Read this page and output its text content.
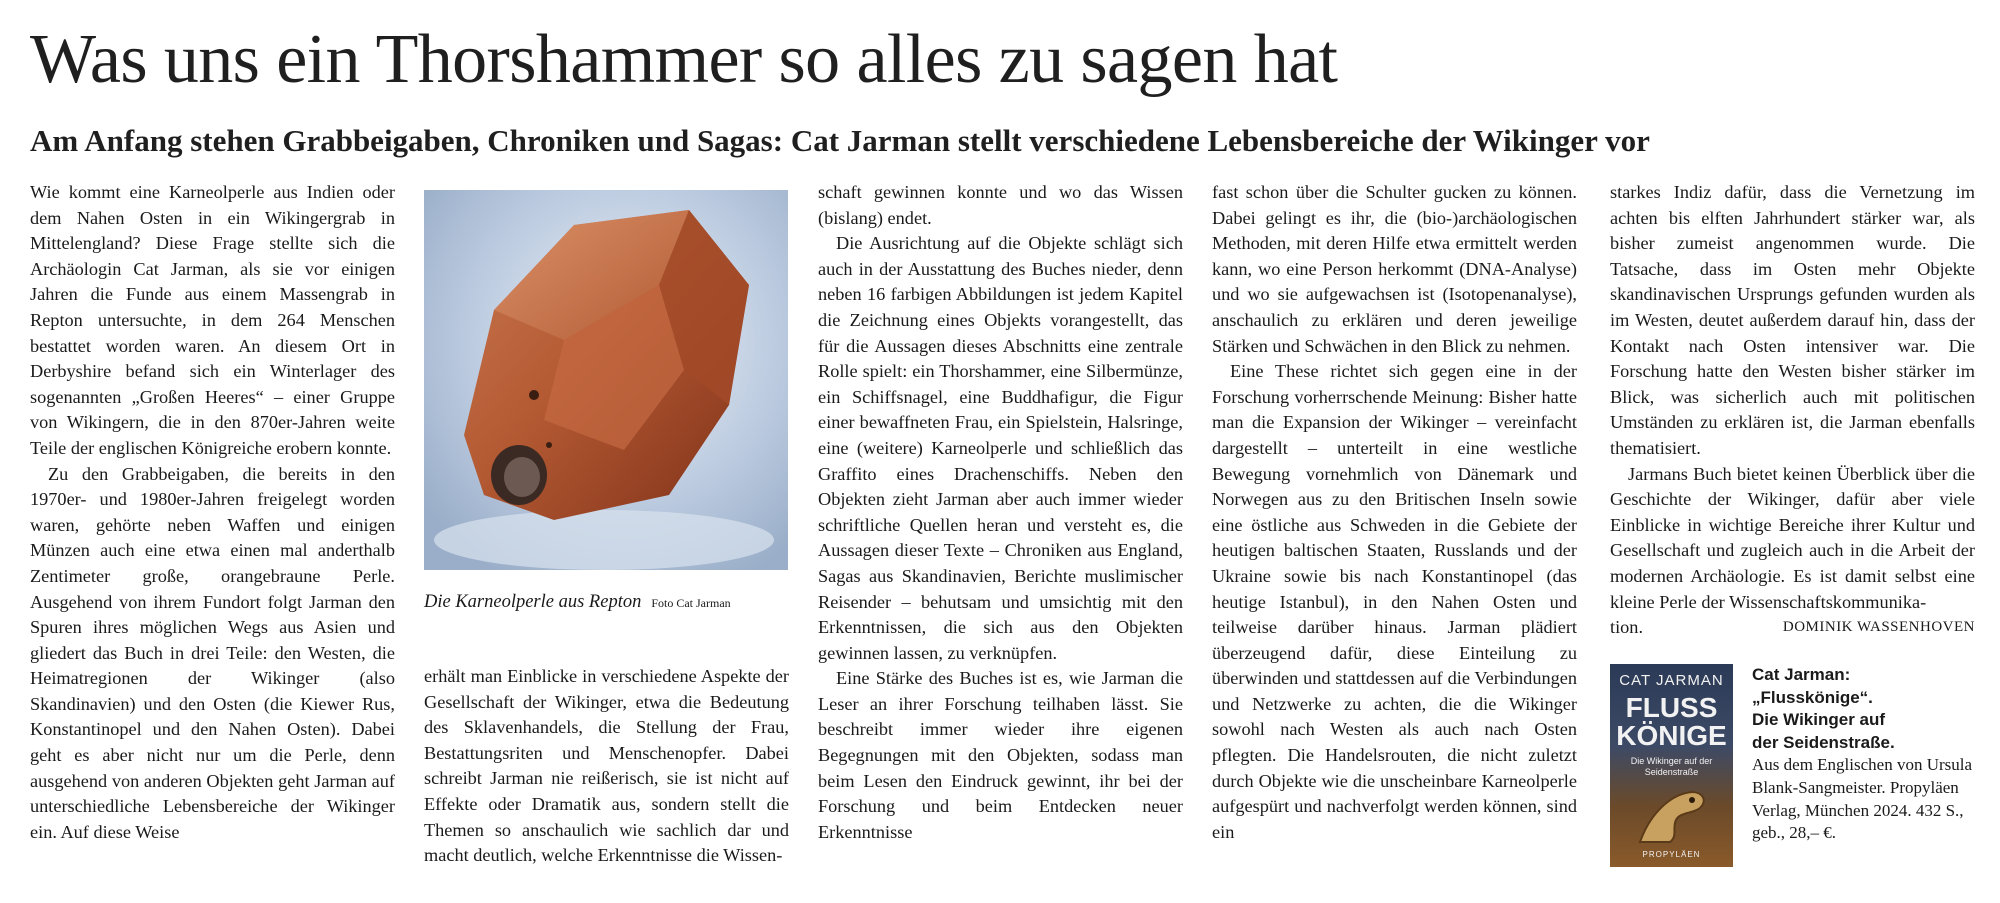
Was uns ein Thorshammer so alles zu sagen hat
Am Anfang stehen Grabbeigaben, Chroniken und Sagas: Cat Jarman stellt verschiedene Lebensbereiche der Wikinger vor

Wie kommt eine Karneolperle aus Indien oder dem Nahen Osten in ein Wikingergrab in Mittelengland? Diese Frage stellte sich die Archäologin Cat Jarman, als sie vor einigen Jahren die Funde aus einem Massengrab in Repton untersuchte, in dem 264 Menschen bestattet worden waren. An diesem Ort in Derbyshire befand sich ein Winterlager des sogenannten „Großen Heeres“ – einer Gruppe von Wikingern, die in den 870er-Jahren weite Teile der englischen Königreiche erobern konnte.

Zu den Grabbeigaben, die bereits in den 1970er- und 1980er-Jahren freigelegt worden waren, gehörte neben Waffen und einigen Münzen auch eine etwa einen mal anderthalb Zentimeter große, orangebraune Perle. Ausgehend von ihrem Fundort folgt Jarman den Spuren ihres möglichen Wegs aus Asien und gliedert das Buch in drei Teile: den Westen, die Heimatregionen der Wikinger (also Skandinavien) und den Osten (die Kiewer Rus, Konstantinopel und den Nahen Osten). Dabei geht es aber nicht nur um die Perle, denn ausgehend von anderen Objekten geht Jarman auf unterschiedliche Lebensbereiche der Wikinger ein. Auf diese Weise

Die Karneolperle aus Repton Foto Cat Jarman

erhält man Einblicke in verschiedene Aspekte der Gesellschaft der Wikinger, etwa die Bedeutung des Sklavenhandels, die Stellung der Frau, Bestattungsriten und Menschenopfer. Dabei schreibt Jarman nie reißerisch, sie ist nicht auf Effekte oder Dramatik aus, sondern stellt die Themen so anschaulich wie sachlich dar und macht deutlich, welche Erkenntnisse die Wissen-

schaft gewinnen konnte und wo das Wissen (bislang) endet.

Die Ausrichtung auf die Objekte schlägt sich auch in der Ausstattung des Buches nieder, denn neben 16 farbigen Abbildungen ist jedem Kapitel die Zeichnung eines Objekts vorangestellt, das für die Aussagen dieses Abschnitts eine zentrale Rolle spielt: ein Thorshammer, eine Silbermünze, ein Schiffsnagel, eine Buddhafigur, die Figur einer bewaffneten Frau, ein Spielstein, Halsringe, eine (weitere) Karneolperle und schließlich das Graffito eines Drachenschiffs. Neben den Objekten zieht Jarman aber auch immer wieder schriftliche Quellen heran und versteht es, die Aussagen dieser Texte – Chroniken aus England, Sagas aus Skandinavien, Berichte muslimischer Reisender – behutsam und umsichtig mit den Erkenntnissen, die sich aus den Objekten gewinnen lassen, zu verknüpfen.

Eine Stärke des Buches ist es, wie Jarman die Leser an ihrer Forschung teilhaben lässt. Sie beschreibt immer wieder ihre eigenen Begegnungen mit den Objekten, sodass man beim Lesen den Eindruck gewinnt, ihr bei der Forschung und beim Entdecken neuer Erkenntnisse

fast schon über die Schulter gucken zu können. Dabei gelingt es ihr, die (bio-)archäologischen Methoden, mit deren Hilfe etwa ermittelt werden kann, wo eine Person herkommt (DNA-Analyse) und wo sie aufgewachsen ist (Isotopenanalyse), anschaulich zu erklären und deren jeweilige Stärken und Schwächen in den Blick zu nehmen.

Eine These richtet sich gegen eine in der Forschung vorherrschende Meinung: Bisher hatte man die Expansion der Wikinger – vereinfacht dargestellt – unterteilt in eine westliche Bewegung vornehmlich von Dänemark und Norwegen aus zu den Britischen Inseln sowie eine östliche aus Schweden in die Gebiete der heutigen baltischen Staaten, Russlands und der Ukraine sowie bis nach Konstantinopel (das heutige Istanbul), in den Nahen Osten und teilweise darüber hinaus. Jarman plädiert überzeugend dafür, diese Einteilung zu überwinden und stattdessen auf die Verbindungen und Netzwerke zu achten, die die Wikinger sowohl nach Westen als auch nach Osten pflegten. Die Handelsrouten, die nicht zuletzt durch Objekte wie die unscheinbare Karneolperle aufgespürt und nachverfolgt werden können, sind ein

starkes Indiz dafür, dass die Vernetzung im achten bis elften Jahrhundert stärker war, als bisher zumeist angenommen wurde. Die Tatsache, dass im Osten mehr Objekte skandinavischen Ursprungs gefunden wurden als im Westen, deutet außerdem darauf hin, dass der Kontakt nach Osten intensiver war. Die Forschung hatte den Westen bisher stärker im Blick, was sicherlich auch mit politischen Umständen zu erklären ist, die Jarman ebenfalls thematisiert.

Jarmans Buch bietet keinen Überblick über die Geschichte der Wikinger, dafür aber viele Einblicke in wichtige Bereiche ihrer Kultur und Gesellschaft und zugleich auch in die Arbeit der modernen Archäologie. Es ist damit selbst eine kleine Perle der Wissenschaftskommunika-

tion.	DOMINIK WASSENHOVEN
CAT JARMAN
FLUSS
KÖNIGE
Die Wikinger auf der Seidenstraße
PROPYLÄEN
Cat Jarman:
„Flusskönige“.
Die Wikinger auf
der Seidenstraße.
Aus dem Englischen von Ursula Blank-Sangmeister. Propyläen Verlag, München 2024. 432 S., geb., 28,– €.
